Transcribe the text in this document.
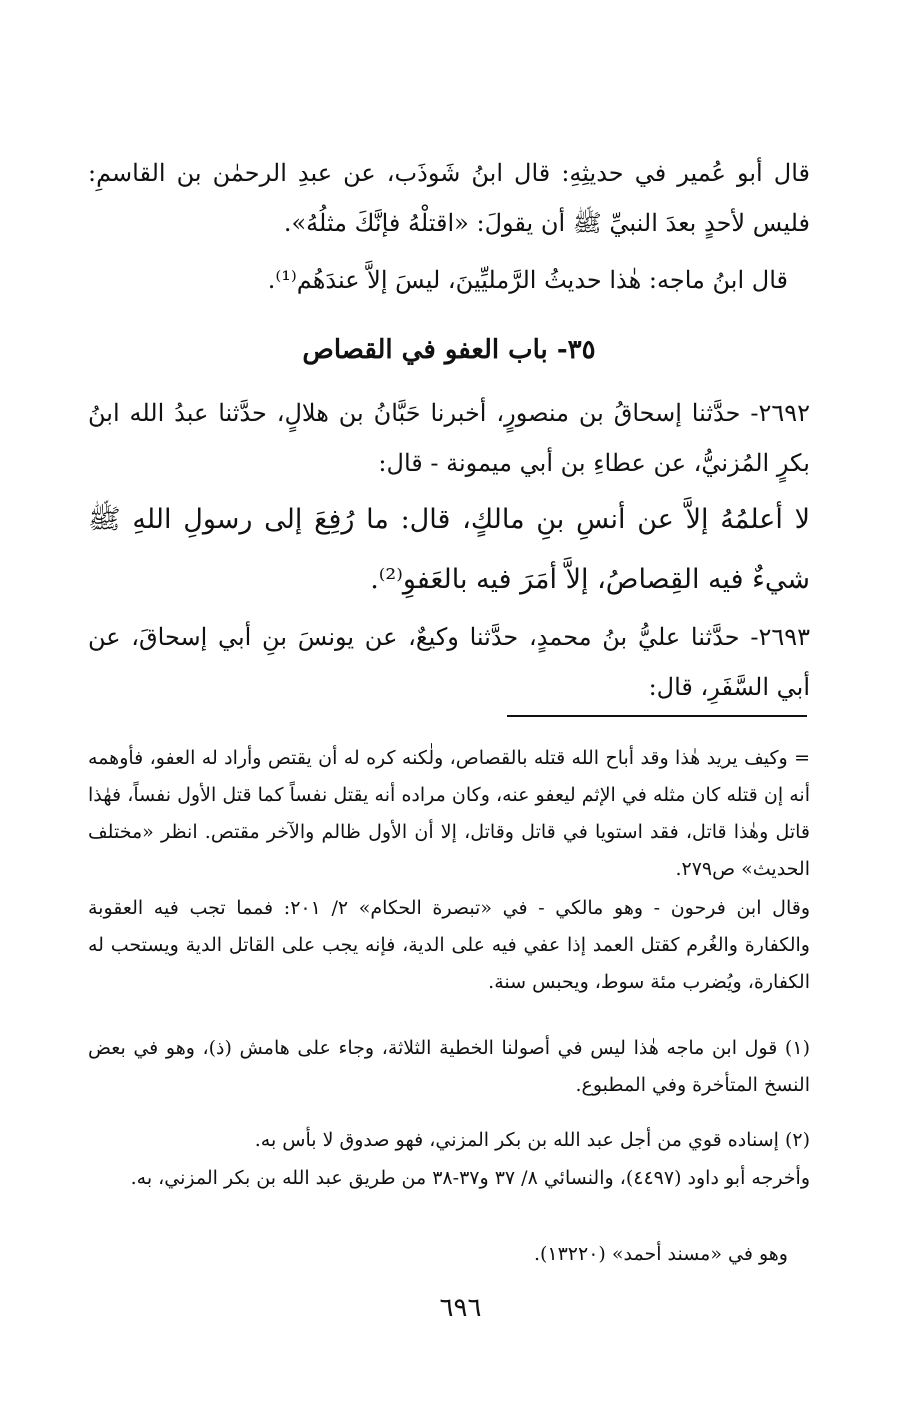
قال أبو عُمير في حديثِهِ: قال ابنُ شَوذَب، عن عبدِ الرحمٰن بن القاسمِ: فليس لأحدٍ بعدَ النبيِّ ﷺ أن يقولَ: «اقتلْهُ فإنَّكَ مثلُهُ».
قال ابنُ ماجه: هٰذا حديثُ الرَّمليِّينَ، ليسَ إلاَّ عندَهُم⁽¹⁾.
٣٥- باب العفو في القصاص
٢٦٩٢- حدَّثنا إسحاقُ بن منصورٍ، أخبرنا حَبَّانُ بن هلالٍ، حدَّثنا عبدُ الله ابنُ بكرٍ المُزنيُّ، عن عطاءِ بن أبي ميمونة - قال:
لا أعلمُهُ إلاَّ عن أنسِ بنِ مالكٍ، قال: ما رُفِعَ إلى رسولِ اللهِ ﷺ شيءٌ فيه القِصاصُ، إلاَّ أمَرَ فيه بالعَفوِ⁽²⁾.
٢٦٩٣- حدَّثنا عليُّ بنُ محمدٍ، حدَّثنا وكيعٌ، عن يونسَ بنِ أبي إسحاقَ، عن أبي السَّفَرِ، قال:
= وكيف يريد هٰذا وقد أباح الله قتله بالقصاص، ولٰكنه كره له أن يقتص وأراد له العفو، فأوهمه أنه إن قتله كان مثله في الإثم ليعفو عنه، وكان مراده أنه يقتل نفساً كما قتل الأول نفساً، فهٰذا قاتل وهٰذا قاتل، فقد استويا في قاتل وقاتل، إلا أن الأول ظالم والآخر مقتص. انظر «مختلف الحديث» ص٢٧٩.
وقال ابن فرحون - وهو مالكي - في «تبصرة الحكام» ٢/ ٢٠١: فمما تجب فيه العقوبة والكفارة والغُرم كقتل العمد إذا عفي فيه على الدية، فإنه يجب على القاتل الدية ويستحب له الكفارة، ويُضرب مئة سوط، ويحبس سنة.
(١) قول ابن ماجه هٰذا ليس في أصولنا الخطية الثلاثة، وجاء على هامش (ذ)، وهو في بعض النسخ المتأخرة وفي المطبوع.
(٢) إسناده قوي من أجل عبد الله بن بكر المزني، فهو صدوق لا بأس به.
وأخرجه أبو داود (٤٤٩٧)، والنسائي ٨/ ٣٧ و٣٧-٣٨ من طريق عبد الله بن بكر المزني، به.
وهو في «مسند أحمد» (١٣٢٢٠).
٦٩٦
